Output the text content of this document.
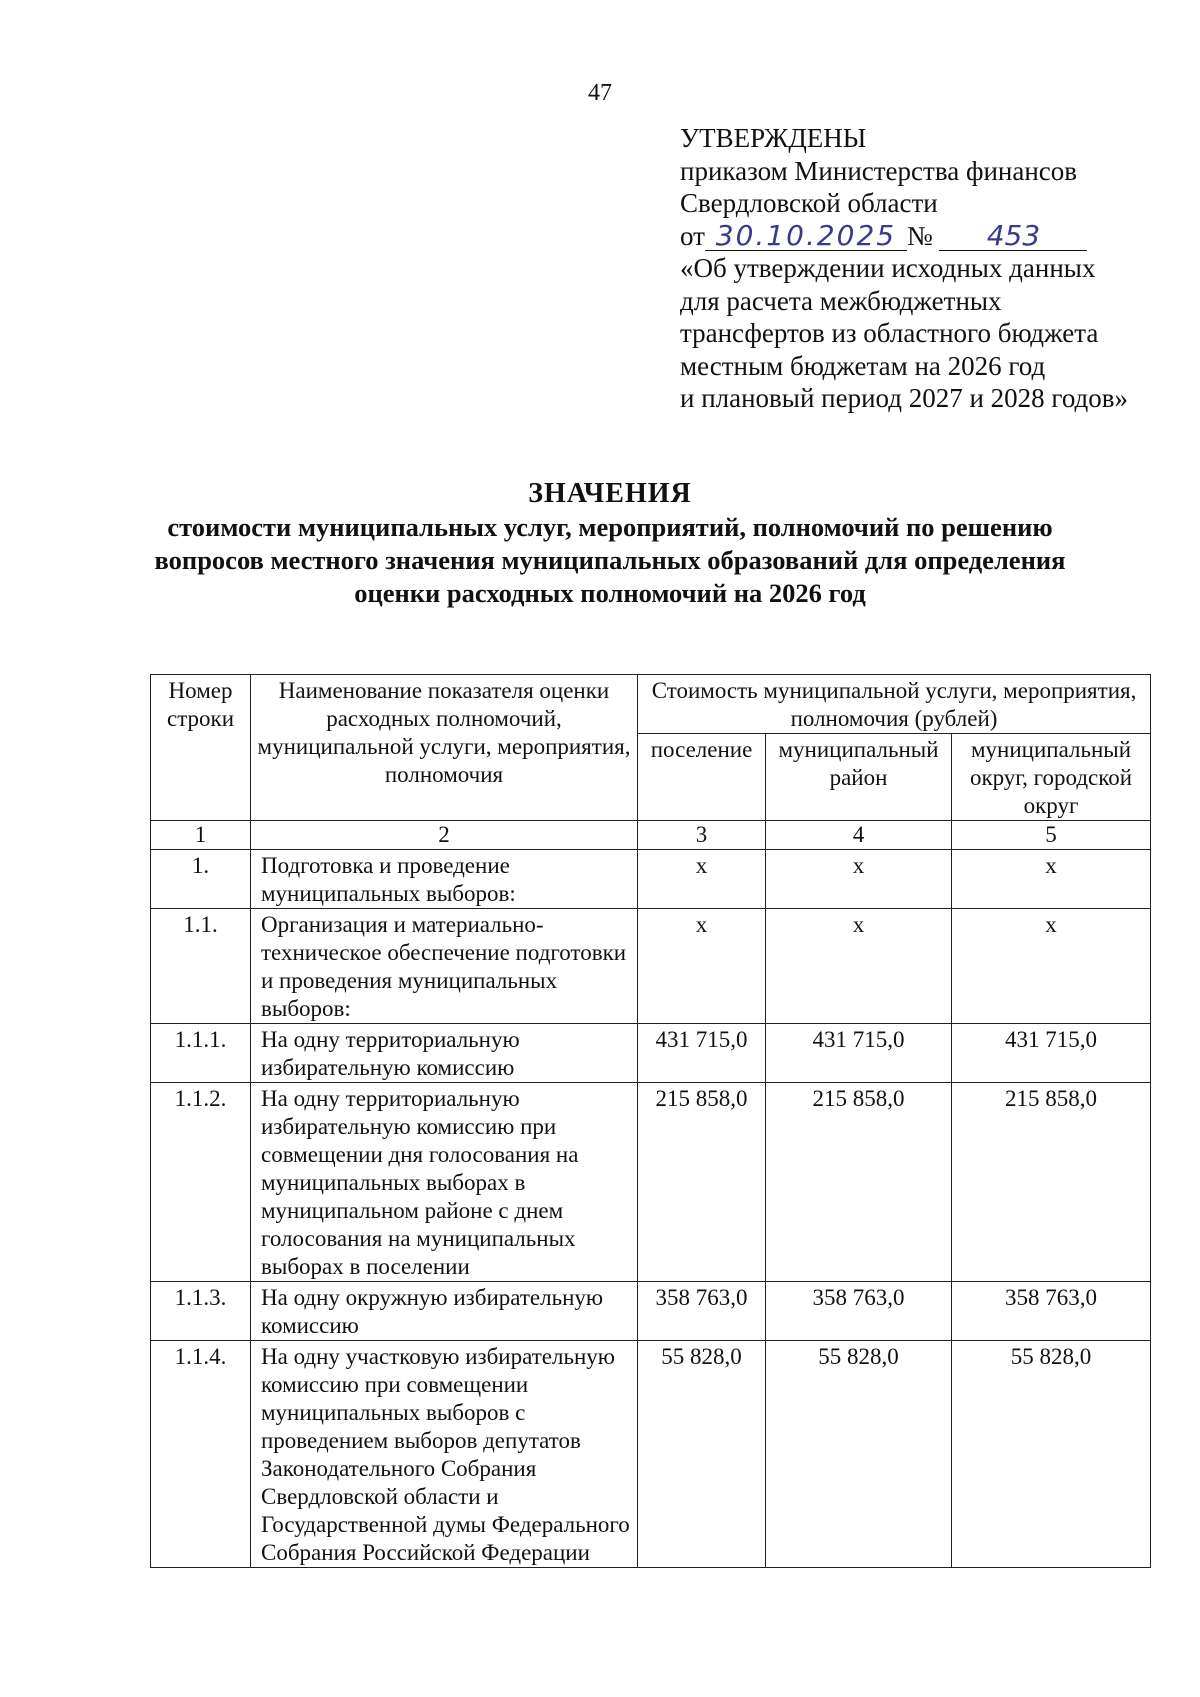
47
УТВЕРЖДЕНЫ
приказом Министерства финансов
Свердловской области
от 30.10.2025 № 453
«Об утверждении исходных данных
для расчета межбюджетных
трансфертов из областного бюджета
местным бюджетам на 2026 год
и плановый период 2027 и 2028 годов»
ЗНАЧЕНИЯ
стоимости муниципальных услуг, мероприятий, полномочий по решению
вопросов местного значения муниципальных образований для определения
оценки расходных полномочий на 2026 год
Номер строки	Наименование показателя оценки расходных полномочий, муниципальной услуги, мероприятия, полномочия	Стоимость муниципальной услуги, мероприятия, полномочия (рублей)		
		поселение	муниципальный район	муниципальный округ, городской округ
1	2	3	4	5
1.	Подготовка и проведение муниципальных выборов:	х	х	х
1.1.	Организация и материально-техническое обеспечение подготовки и проведения муниципальных выборов:	х	х	х
1.1.1.	На одну территориальную избирательную комиссию	431 715,0	431 715,0	431 715,0
1.1.2.	На одну территориальную избирательную комиссию при совмещении дня голосования на муниципальных выборах в муниципальном районе с днем голосования на муниципальных выборах в поселении	215 858,0	215 858,0	215 858,0
1.1.3.	На одну окружную избирательную комиссию	358 763,0	358 763,0	358 763,0
1.1.4.	На одну участковую избирательную комиссию при совмещении муниципальных выборов с проведением выборов депутатов Законодательного Собрания Свердловской области и Государственной думы Федерального Собрания Российской Федерации	55 828,0	55 828,0	55 828,0
